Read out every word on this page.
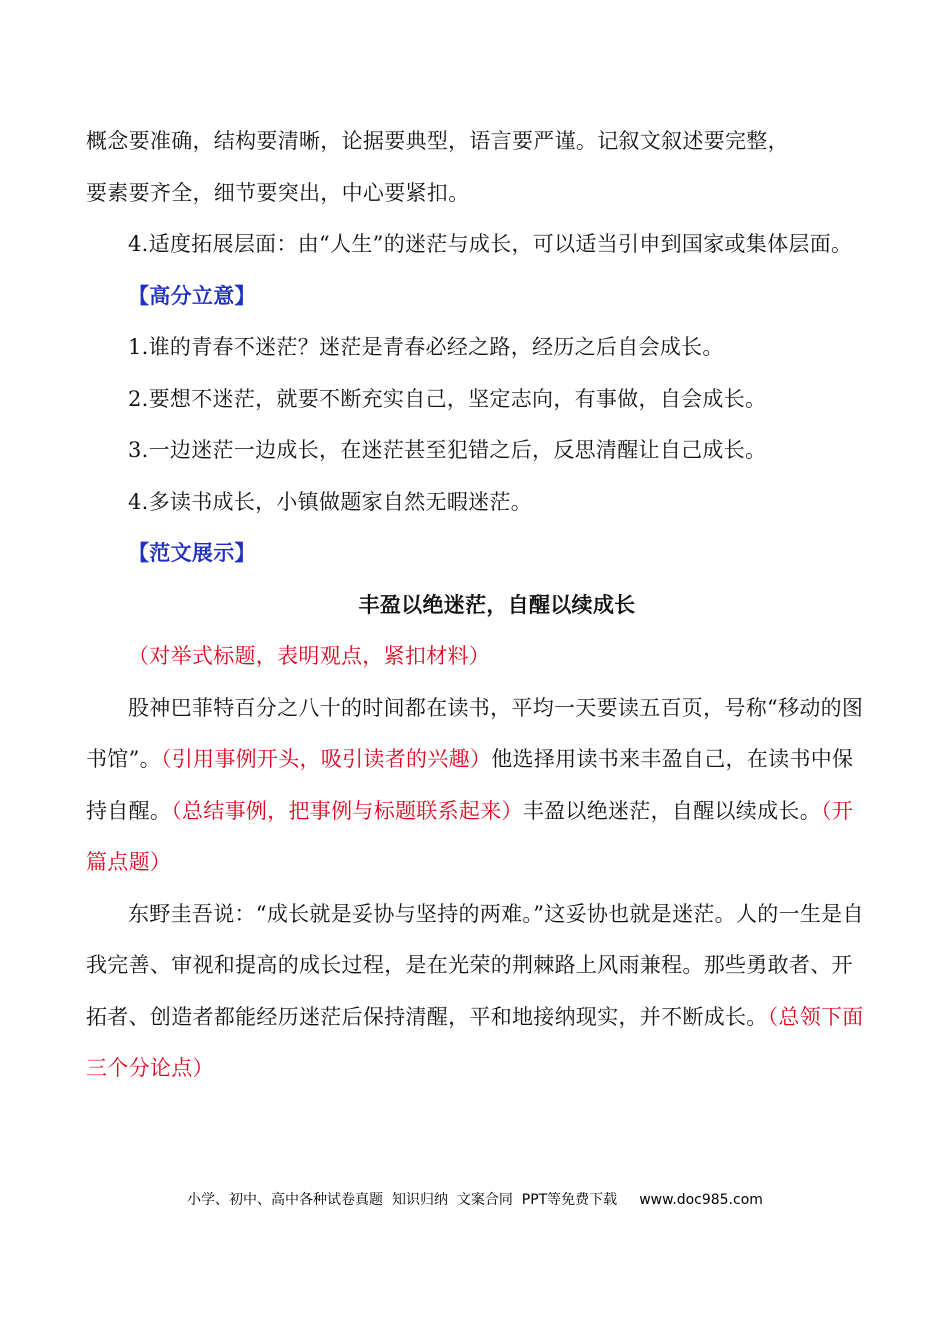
概念要准确，结构要清晰，论据要典型，语言要严谨。记叙文叙述要完整，
要素要齐全，细节要突出，中心要紧扣。

4.适度拓展层面：由“人生”的迷茫与成长，可以适当引申到国家或集体层面。

【高分立意】

1.谁的青春不迷茫？迷茫是青春必经之路，经历之后自会成长。

2.要想不迷茫，就要不断充实自己，坚定志向，有事做，自会成长。

3.一边迷茫一边成长，在迷茫甚至犯错之后，反思清醒让自己成长。

4.多读书成长，小镇做题家自然无暇迷茫。

【范文展示】

丰盈以绝迷茫，自醒以续成长

（对举式标题，表明观点，紧扣材料）

股神巴菲特百分之八十的时间都在读书，平均一天要读五百页，号称“移动的图书馆”。（引用事例开头，吸引读者的兴趣）他选择用读书来丰盈自己，在读书中保持自醒。（总结事例，把事例与标题联系起来）丰盈以绝迷茫，自醒以续成长。（开篇点题）

东野圭吾说：“成长就是妥协与坚持的两难。”这妥协也就是迷茫。人的一生是自我完善、审视和提高的成长过程，是在光荣的荆棘路上风雨兼程。那些勇敢者、开拓者、创造者都能经历迷茫后保持清醒，平和地接纳现实，并不断成长。（总领下面三个分论点）

小学、初中、高中各种试卷真题  知识归纳  文案合同  PPT等免费下载 www.doc985.com
